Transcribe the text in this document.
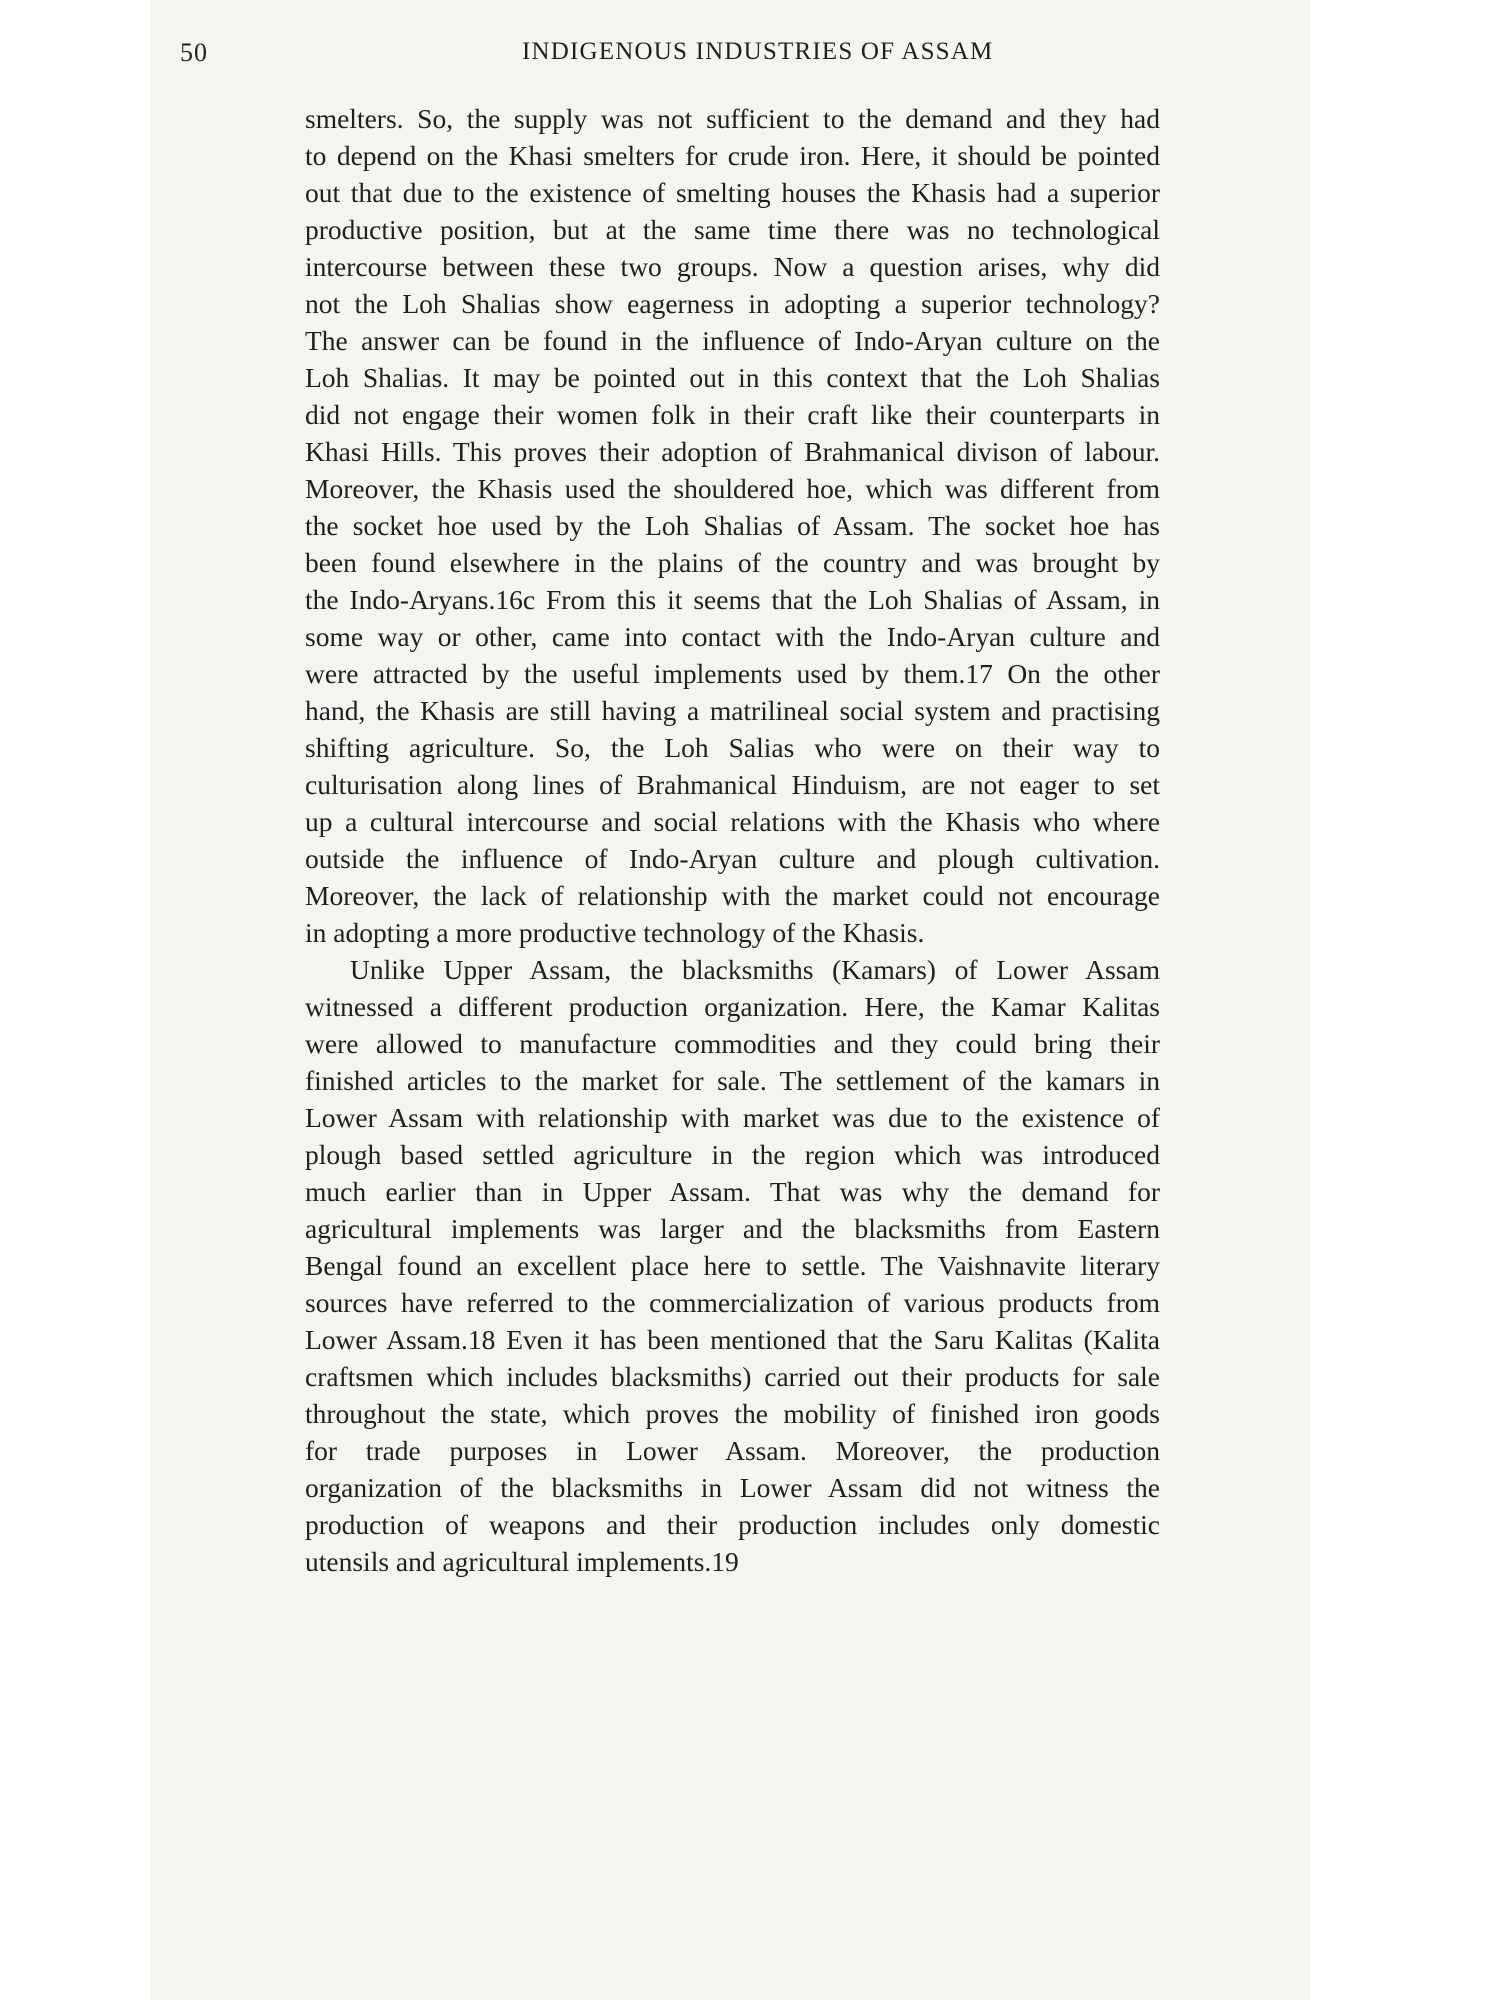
50	INDIGENOUS INDUSTRIES OF ASSAM
smelters. So, the supply was not sufficient to the demand and they had
to depend on the Khasi smelters for crude iron. Here, it should be pointed
out that due to the existence of smelting houses the Khasis had a superior
productive position, but at the same time there was no technological
intercourse between these two groups. Now a question arises, why did
not the Loh Shalias show eagerness in adopting a superior technology?
The answer can be found in the influence of Indo-Aryan culture on the
Loh Shalias. It may be pointed out in this context that the Loh Shalias
did not engage their women folk in their craft like their counterparts in
Khasi Hills. This proves their adoption of Brahmanical divison of labour.
Moreover, the Khasis used the shouldered hoe, which was different from
the socket hoe used by the Loh Shalias of Assam. The socket hoe has
been found elsewhere in the plains of the country and was brought by
the Indo-Aryans.16c From this it seems that the Loh Shalias of Assam, in
some way or other, came into contact with the Indo-Aryan culture and
were attracted by the useful implements used by them.17 On the other
hand, the Khasis are still having a matrilineal social system and practising
shifting agriculture. So, the Loh Salias who were on their way to
culturisation along lines of Brahmanical Hinduism, are not eager to set
up a cultural intercourse and social relations with the Khasis who where
outside the influence of Indo-Aryan culture and plough cultivation.
Moreover, the lack of relationship with the market could not encourage
in adopting a more productive technology of the Khasis.
Unlike Upper Assam, the blacksmiths (Kamars) of Lower Assam
witnessed a different production organization. Here, the Kamar Kalitas
were allowed to manufacture commodities and they could bring their
finished articles to the market for sale. The settlement of the kamars in
Lower Assam with relationship with market was due to the existence of
plough based settled agriculture in the region which was introduced
much earlier than in Upper Assam. That was why the demand for
agricultural implements was larger and the blacksmiths from Eastern
Bengal found an excellent place here to settle. The Vaishnavite literary
sources have referred to the commercialization of various products from
Lower Assam.18 Even it has been mentioned that the Saru Kalitas (Kalita
craftsmen which includes blacksmiths) carried out their products for sale
throughout the state, which proves the mobility of finished iron goods
for trade purposes in Lower Assam. Moreover, the production
organization of the blacksmiths in Lower Assam did not witness the
production of weapons and their production includes only domestic
utensils and agricultural implements.19
